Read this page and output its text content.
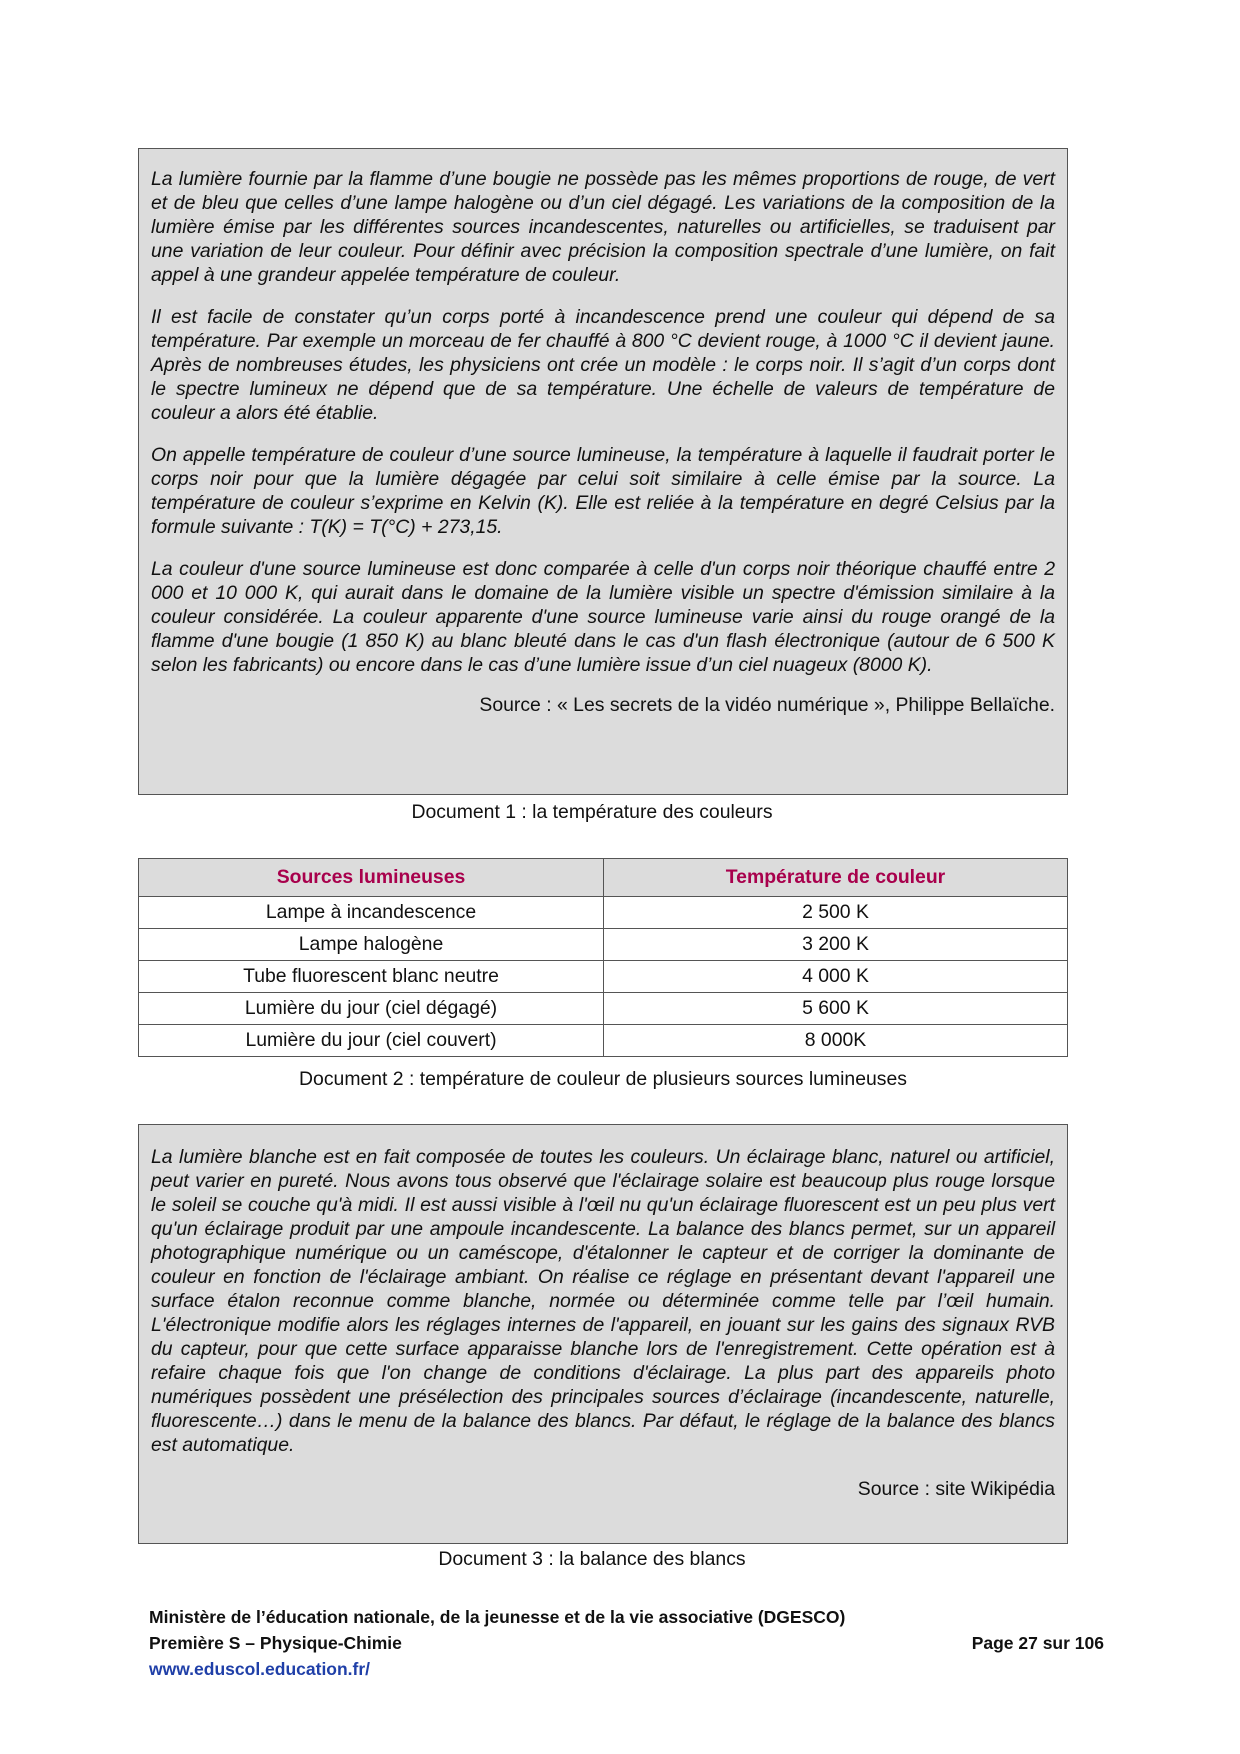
La lumière fournie par la flamme d’une bougie ne possède pas les mêmes proportions de rouge, de vert et de bleu que celles d’une lampe halogène ou d’un ciel dégagé. Les variations de la composition de la lumière émise par les différentes sources incandescentes, naturelles ou artificielles, se traduisent par une variation de leur couleur. Pour définir avec précision la composition spectrale d’une lumière, on fait appel à une grandeur appelée température de couleur.

Il est facile de constater qu’un corps porté à incandescence prend une couleur qui dépend de sa température. Par exemple un morceau de fer chauffé à 800 °C devient rouge, à 1000 °C il devient jaune. Après de nombreuses études, les physiciens ont crée un modèle : le corps noir. Il s’agit d’un corps dont le spectre lumineux ne dépend que de sa température. Une échelle de valeurs de température de couleur a alors été établie.

On appelle température de couleur d’une source lumineuse, la température à laquelle il faudrait porter le corps noir pour que la lumière dégagée par celui soit similaire à celle émise par la source. La température de couleur s’exprime en Kelvin (K). Elle est reliée à la température en degré Celsius par la formule suivante : T(K) = T(°C) + 273,15.

La couleur d'une source lumineuse est donc comparée à celle d'un corps noir théorique chauffé entre 2 000 et 10 000 K, qui aurait dans le domaine de la lumière visible un spectre d'émission similaire à la couleur considérée. La couleur apparente d'une source lumineuse varie ainsi du rouge orangé de la flamme d'une bougie (1 850 K) au blanc bleuté dans le cas d'un flash électronique (autour de 6 500 K selon les fabricants) ou encore dans le cas d’une lumière issue d’un ciel nuageux (8000 K).

Source : « Les secrets de la vidéo numérique », Philippe Bellaïche.
Document 1 : la température des couleurs
Sources lumineuses	Température de couleur
Lampe à incandescence	2 500 K
Lampe halogène	3 200 K
Tube fluorescent blanc neutre	4 000 K
Lumière du jour (ciel dégagé)	5 600 K
Lumière du jour (ciel couvert)	8 000K
Document 2 : température de couleur de plusieurs sources lumineuses

La lumière blanche est en fait composée de toutes les couleurs. Un éclairage blanc, naturel ou artificiel, peut varier en pureté. Nous avons tous observé que l'éclairage solaire est beaucoup plus rouge lorsque le soleil se couche qu'à midi. Il est aussi visible à l'œil nu qu'un éclairage fluorescent est un peu plus vert qu'un éclairage produit par une ampoule incandescente. La balance des blancs permet, sur un appareil photographique numérique ou un caméscope, d'étalonner le capteur et de corriger la dominante de couleur en fonction de l'éclairage ambiant. On réalise ce réglage en présentant devant l'appareil une surface étalon reconnue comme blanche, normée ou déterminée comme telle par l’œil humain. L'électronique modifie alors les réglages internes de l'appareil, en jouant sur les gains des signaux RVB du capteur, pour que cette surface apparaisse blanche lors de l'enregistrement. Cette opération est à refaire chaque fois que l'on change de conditions d'éclairage. La plus part des appareils photo numériques possèdent une présélection des principales sources d’éclairage (incandescente, naturelle, fluorescente…) dans le menu de la balance des blancs. Par défaut, le réglage de la balance des blancs est automatique.

Source : site Wikipédia
Document 3 : la balance des blancs
Ministère de l’éducation nationale, de la jeunesse et de la vie associative (DGESCO)
Première S – Physique-Chimie	Page 27 sur 106
www.eduscol.education.fr/
